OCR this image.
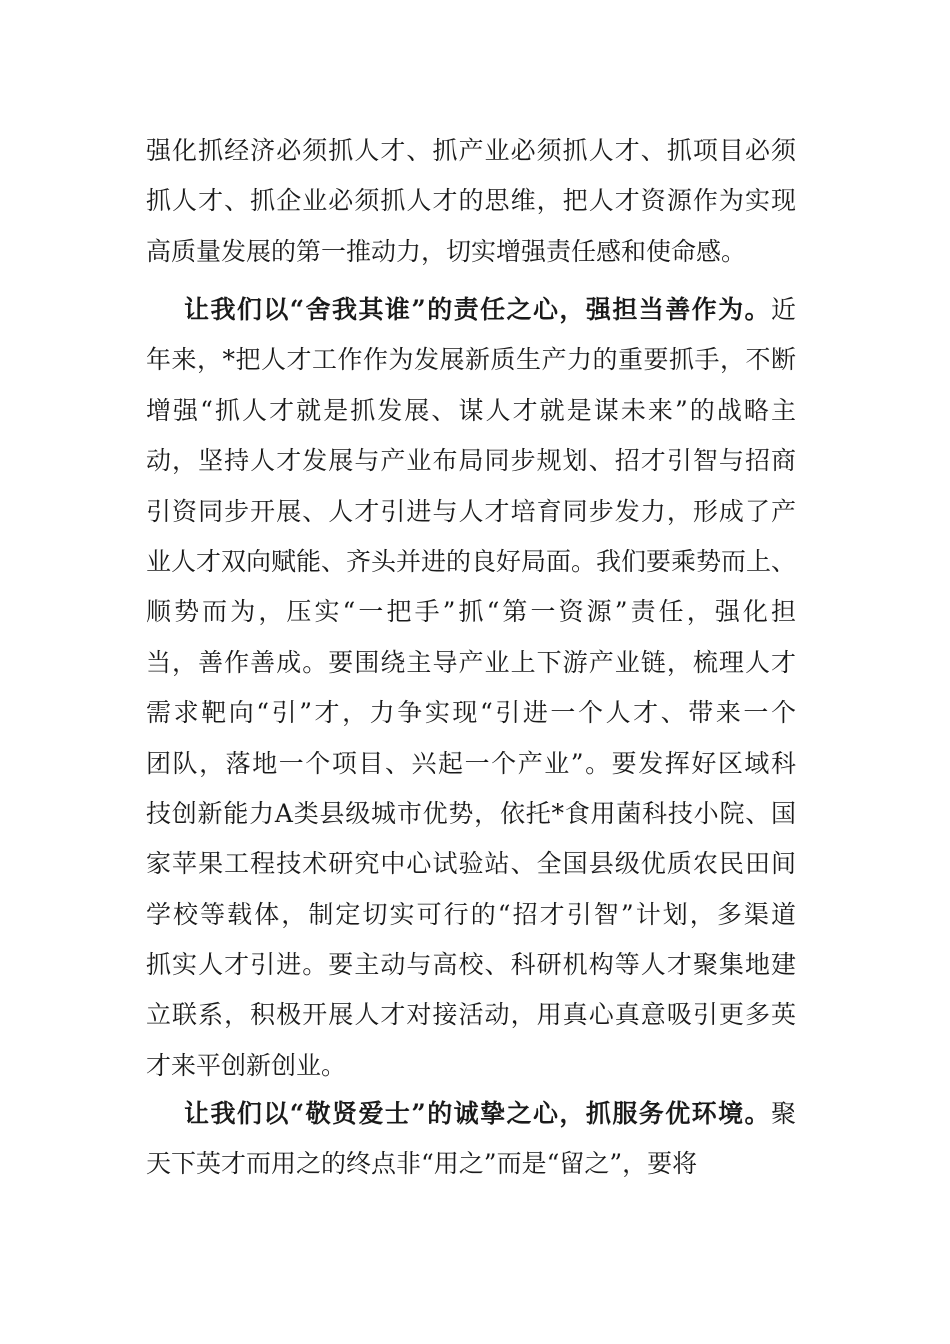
强化抓经济必须抓人才、抓产业必须抓人才、抓项目必须
抓人才、抓企业必须抓人才的思维，把人才资源作为实现
高质量发展的第一推动力，切实增强责任感和使命感。
让我们以“舍我其谁”的责任之心，强担当善作为。近
年来，*把人才工作作为发展新质生产力的重要抓手，不断
增强“抓人才就是抓发展、谋人才就是谋未来”的战略主
动，坚持人才发展与产业布局同步规划、招才引智与招商
引资同步开展、人才引进与人才培育同步发力，形成了产
业人才双向赋能、齐头并进的良好局面。我们要乘势而上、
顺势而为，压实“一把手”抓“第一资源”责任，强化担
当，善作善成。要围绕主导产业上下游产业链，梳理人才
需求靶向“引”才，力争实现“引进一个人才、带来一个
团队，落地一个项目、兴起一个产业”。要发挥好区域科
技创新能力A类县级城市优势，依托*食用菌科技小院、国
家苹果工程技术研究中心试验站、全国县级优质农民田间
学校等载体，制定切实可行的“招才引智”计划，多渠道
抓实人才引进。要主动与高校、科研机构等人才聚集地建
立联系，积极开展人才对接活动，用真心真意吸引更多英
才来平创新创业。
让我们以“敬贤爱士”的诚挚之心，抓服务优环境。聚
天下英才而用之的终点非“用之”而是“留之”，要将
